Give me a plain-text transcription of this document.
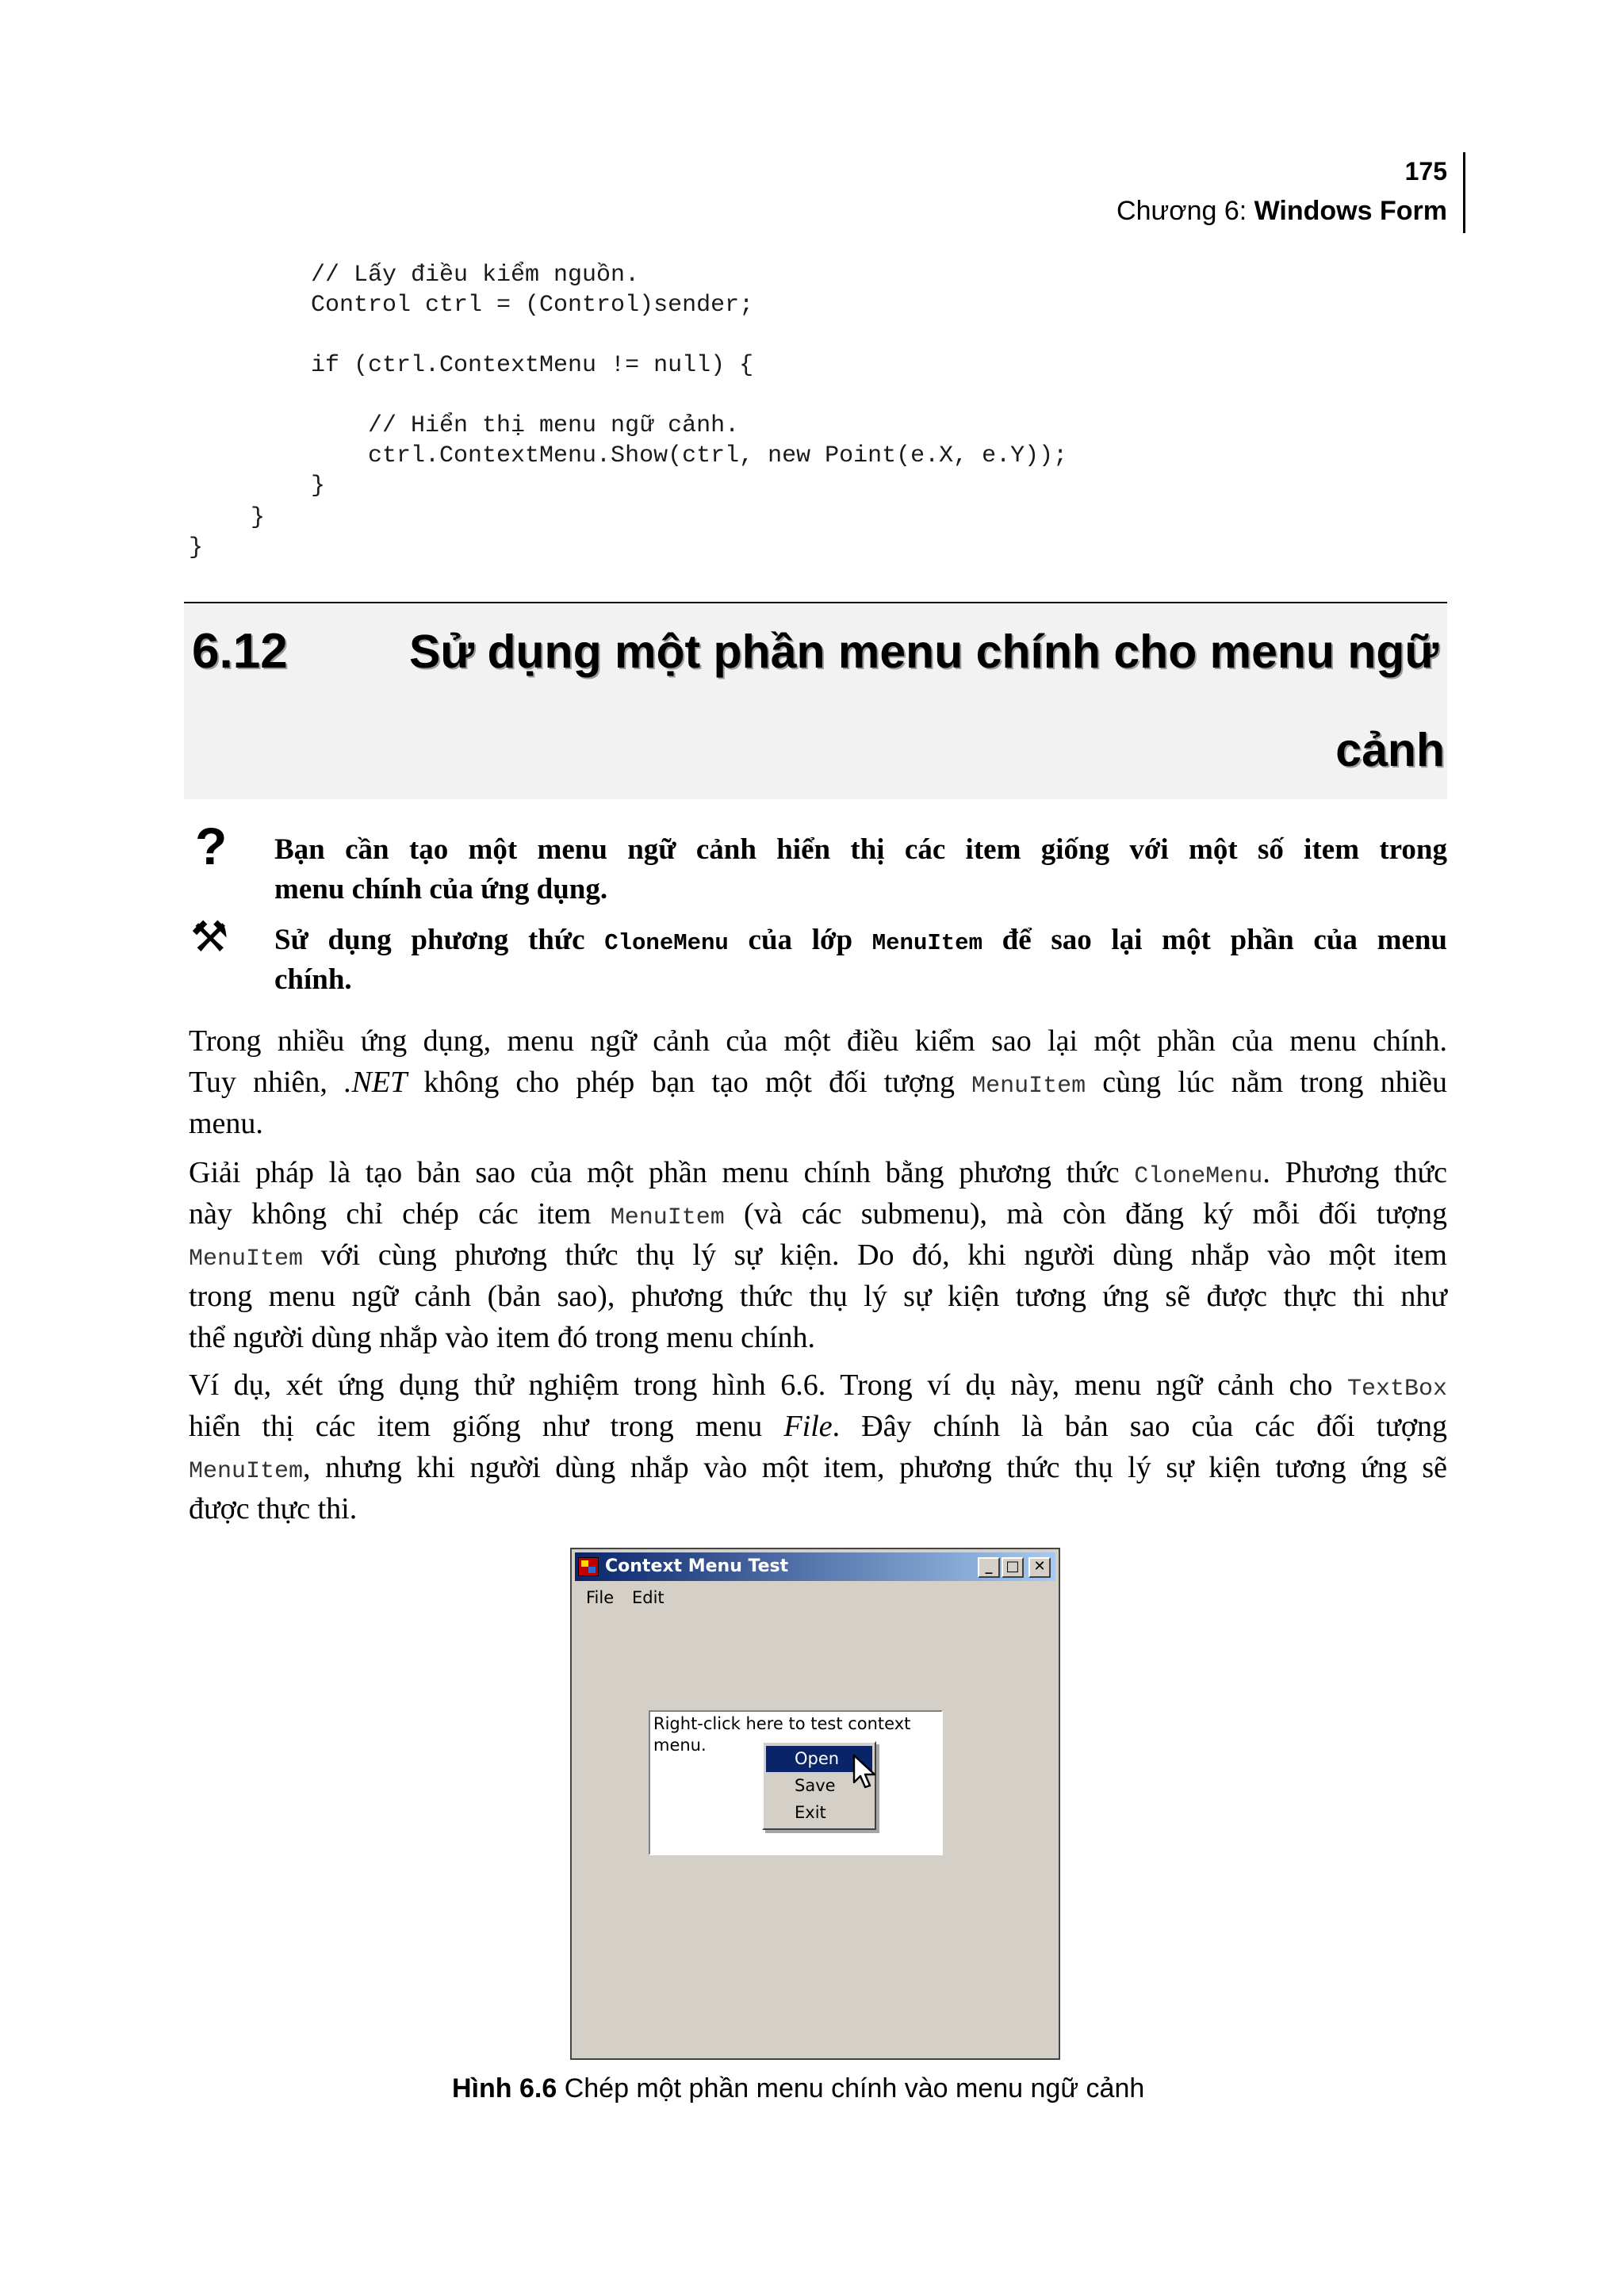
175
Chương 6: Windows Form
// Lấy điều kiểm nguồn.
Control ctrl = (Control)sender;
if (ctrl.ContextMenu != null) {
// Hiển thị menu ngữ cảnh.
ctrl.ContextMenu.Show(ctrl, new Point(e.X, e.Y));
}
}
}
6.12	Sử dụng một phần menu chính cho menu ngữ
cảnh
? Bạn cần tạo một menu ngữ cảnh hiển thị các item giống với một số item trong
menu chính của ứng dụng.
⚒ Sử dụng phương thức CloneMenu của lớp MenuItem để sao lại một phần của menu
chính.
Trong nhiều ứng dụng, menu ngữ cảnh của một điều kiểm sao lại một phần của menu chính.
Tuy nhiên, .NET không cho phép bạn tạo một đối tượng MenuItem cùng lúc nằm trong nhiều
menu.
Giải pháp là tạo bản sao của một phần menu chính bằng phương thức CloneMenu. Phương thức
này không chỉ chép các item MenuItem (và các submenu), mà còn đăng ký mỗi đối tượng
MenuItem với cùng phương thức thụ lý sự kiện. Do đó, khi người dùng nhắp vào một item
trong menu ngữ cảnh (bản sao), phương thức thụ lý sự kiện tương ứng sẽ được thực thi như
thể người dùng nhắp vào item đó trong menu chính.
Ví dụ, xét ứng dụng thử nghiệm trong hình 6.6. Trong ví dụ này, menu ngữ cảnh cho TextBox
hiển thị các item giống như trong menu File. Đây chính là bản sao của các đối tượng
MenuItem, nhưng khi người dùng nhắp vào một item, phương thức thụ lý sự kiện tương ứng sẽ
được thực thi.
Context Menu Test	_ □ ✕
File Edit
Right-click here to test context
menu.
Open
Save
Exit
Hình 6.6 Chép một phần menu chính vào menu ngữ cảnh
